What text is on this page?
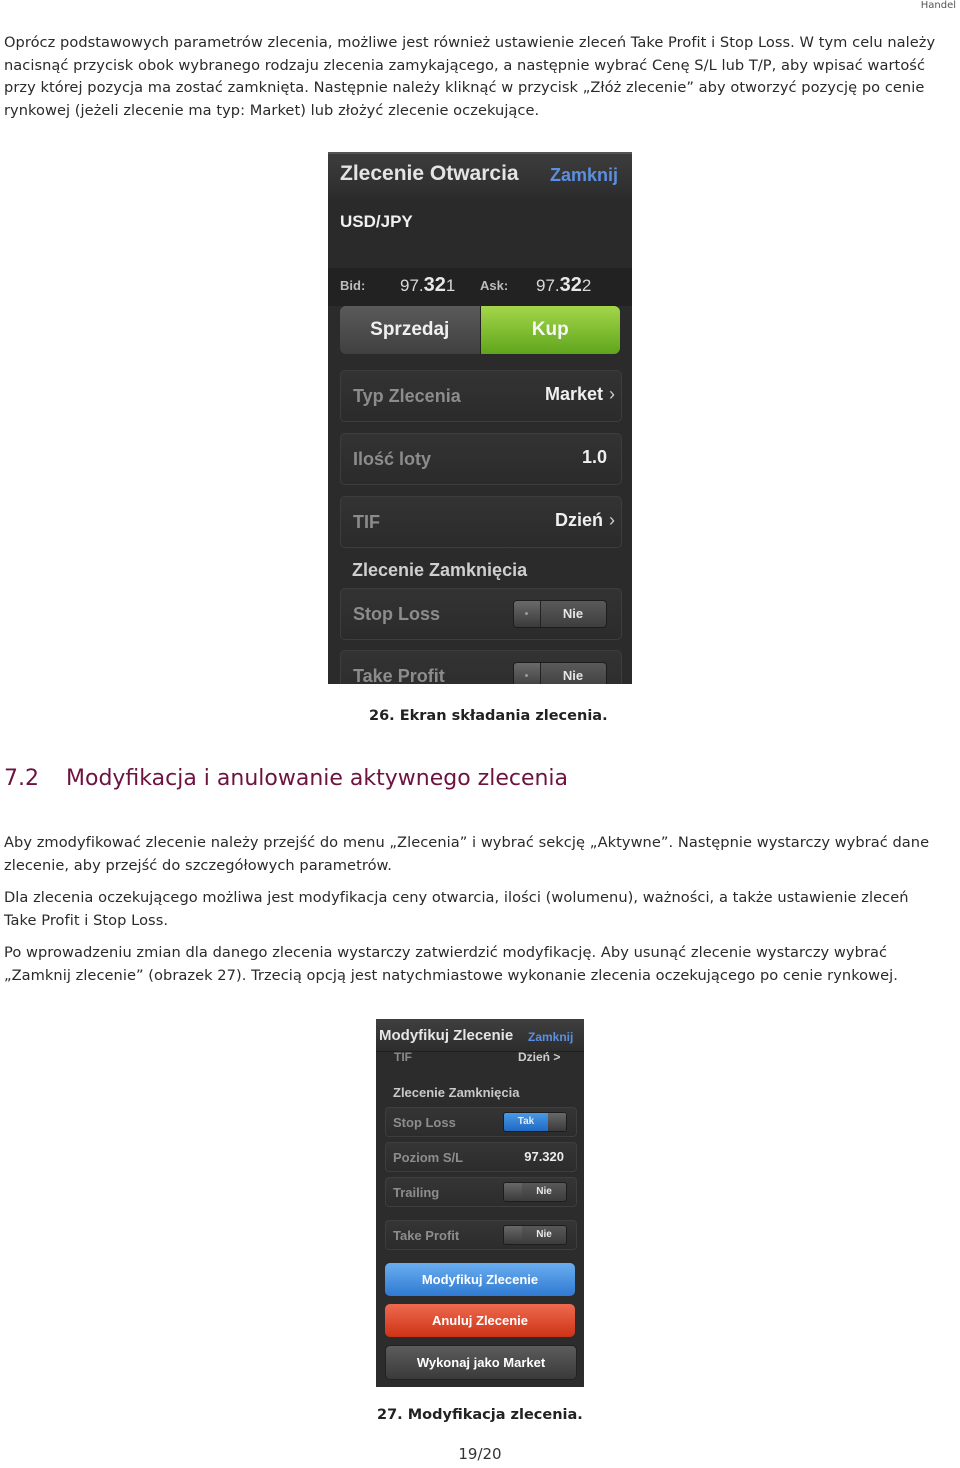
Handel
Oprócz podstawowych parametrów zlecenia, możliwe jest również ustawienie zleceń Take Profit i Stop Loss. W tym celu należy nacisnąć przycisk obok wybranego rodzaju zlecenia zamykającego, a następnie wybrać Cenę S/L lub T/P, aby wpisać wartość przy której pozycja ma zostać zamknięta. Następnie należy kliknąć w przycisk „Złóż zlecenie” aby otworzyć pozycję po cenie rynkowej (jeżeli zlecenie ma typ: Market) lub złożyć zlecenie oczekujące.
Zlecenie Otwarcia Zamknij
USD/JPY
Bid: 97.321 Ask: 97.322
Sprzedaj	Kup
Typ Zlecenia	Market ›
Ilość loty	1.0
TIF	Dzień ›
Zlecenie Zamknięcia
Stop Loss	Nie
Take Profit	Nie
26. Ekran składania zlecenia.
7.2 Modyfikacja i anulowanie aktywnego zlecenia
Aby zmodyfikować zlecenie należy przejść do menu „Zlecenia” i wybrać sekcję „Aktywne”. Następnie wystarczy wybrać dane zlecenie, aby przejść do szczegółowych parametrów.
Dla zlecenia oczekującego możliwa jest modyfikacja ceny otwarcia, ilości (wolumenu), ważności, a także ustawienie zleceń Take Profit i Stop Loss.
Po wprowadzeniu zmian dla danego zlecenia wystarczy zatwierdzić modyfikację. Aby usunąć zlecenie wystarczy wybrać „Zamknij zlecenie” (obrazek 27). Trzecią opcją jest natychmiastowe wykonanie zlecenia oczekującego po cenie rynkowej.
Modyfikuj Zlecenie Zamknij
TIF	Dzień >
Zlecenie Zamknięcia
Stop Loss	Tak
Poziom S/L	97.320
Trailing	Nie
Take Profit	Nie
Modyfikuj Zlecenie
Anuluj Zlecenie
Wykonaj jako Market
27. Modyfikacja zlecenia.
19/20
